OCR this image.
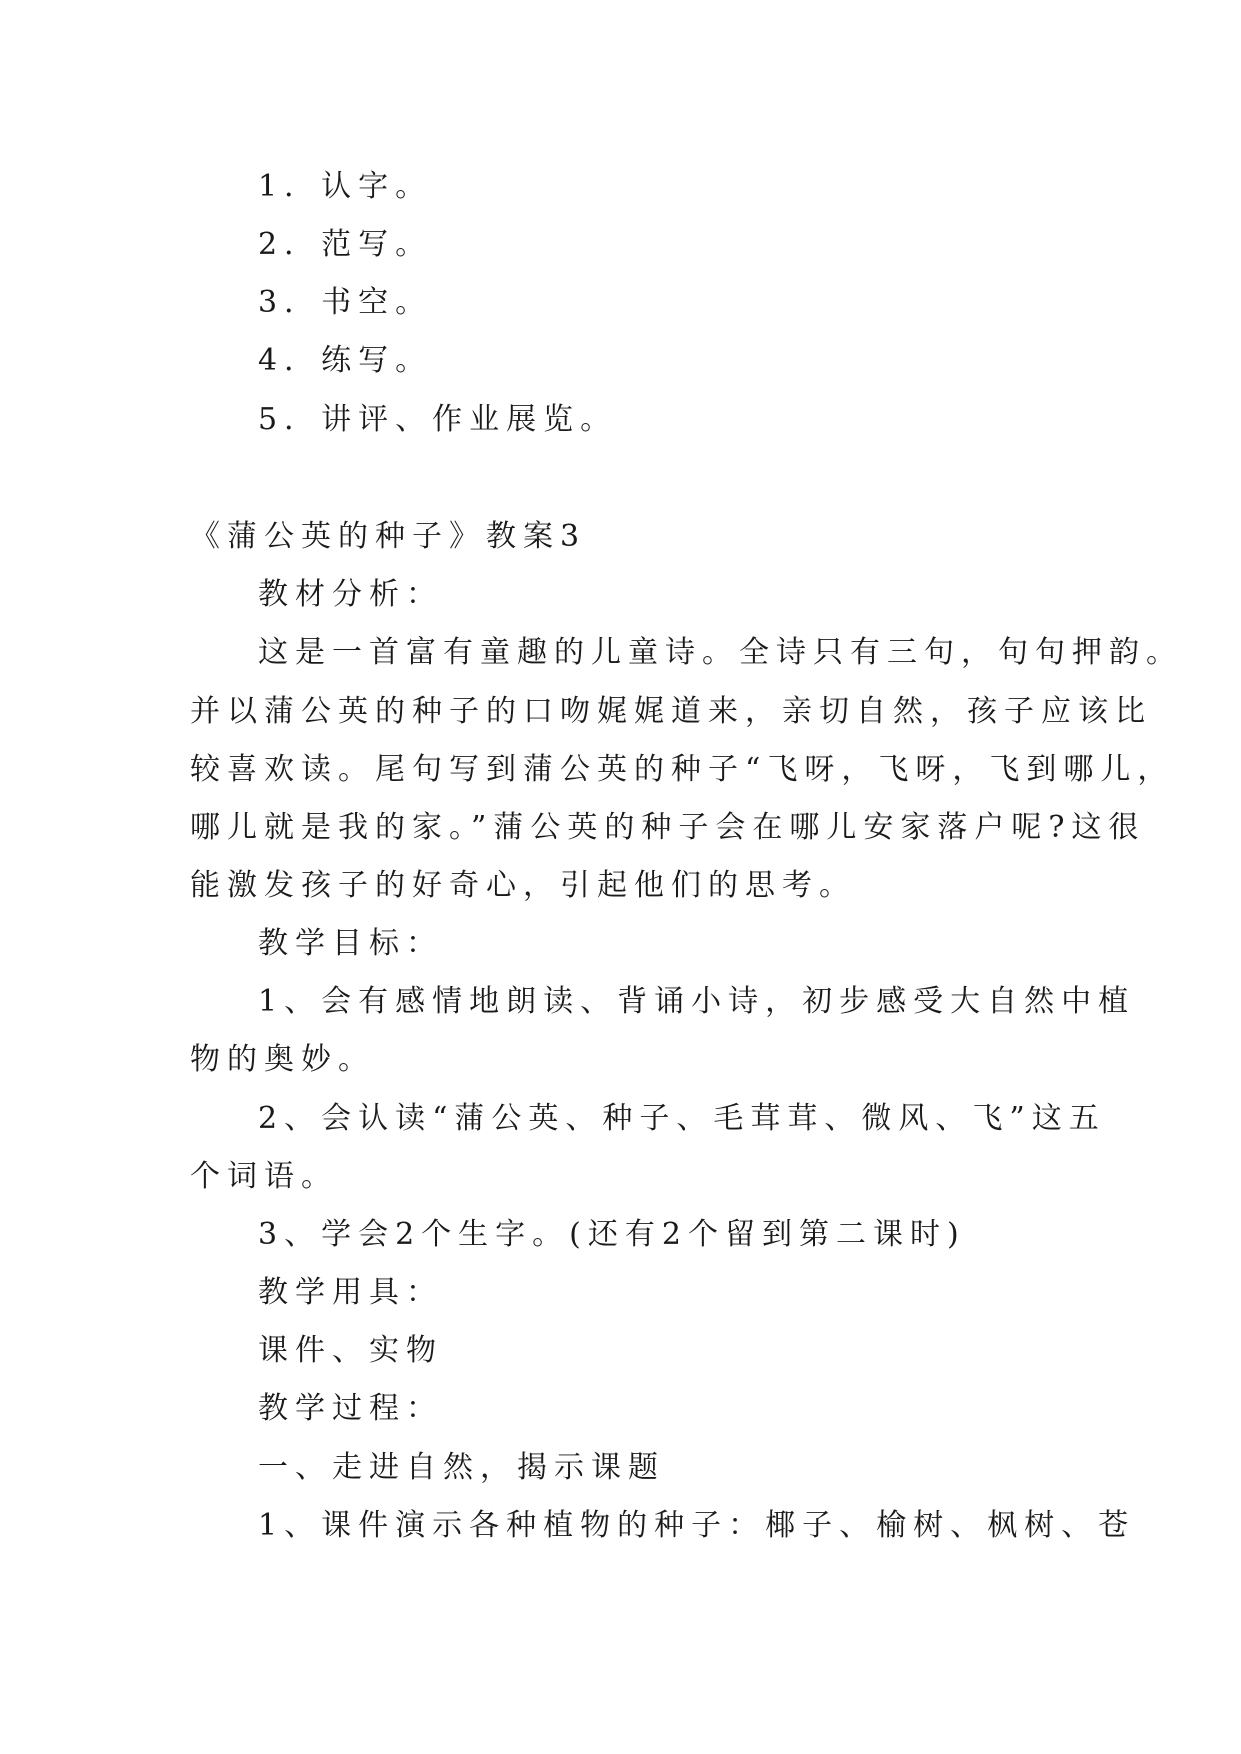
1．认字。
2．范写。
3．书空。
4．练写。
5．讲评、作业展览。
《蒲公英的种子》教案3
教材分析：
这是一首富有童趣的儿童诗。全诗只有三句，句句押韵。
并以蒲公英的种子的口吻娓娓道来，亲切自然，孩子应该比
较喜欢读。尾句写到蒲公英的种子“飞呀，飞呀，飞到哪儿，
哪儿就是我的家。”蒲公英的种子会在哪儿安家落户呢?这很
能激发孩子的好奇心，引起他们的思考。
教学目标：
1、会有感情地朗读、背诵小诗，初步感受大自然中植
物的奥妙。
2、会认读“蒲公英、种子、毛茸茸、微风、飞”这五
个词语。
3、学会2个生字。(还有2个留到第二课时)
教学用具：
课件、实物
教学过程：
一、走进自然，揭示课题
1、课件演示各种植物的种子：椰子、榆树、枫树、苍
